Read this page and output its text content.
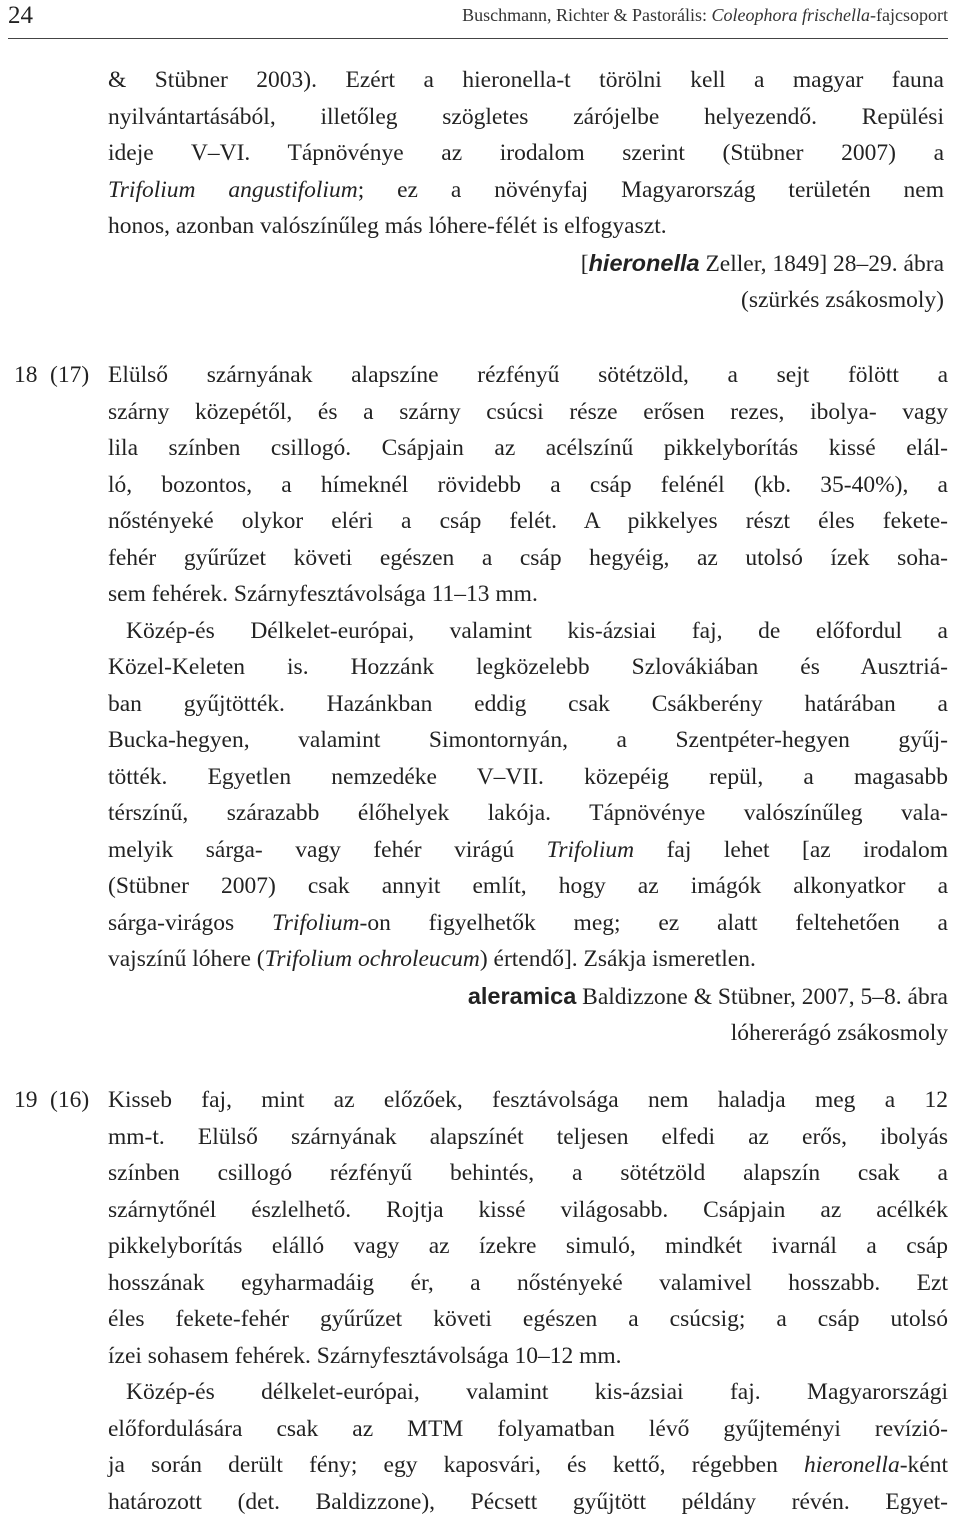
24	Buschmann, Richter & Pastorális: Coleophora frischella-fajcsoport
& Stübner 2003). Ezért a hieronella-t törölni kell a magyar fauna
nyilvántartásából, illetőleg szögletes zárójelbe helyezendő. Repülési
ideje V–VI. Tápnövénye az irodalom szerint (Stübner 2007) a
Trifolium angustifolium; ez a növényfaj Magyarország területén nem
honos, azonban valószínűleg más lóhere-félét is elfogyaszt.
[hieronella Zeller, 1849] 28–29. ábra
(szürkés zsákosmoly)
18 (17) Elülső szárnyának alapszíne rézfényű sötétzöld, a sejt fölött a
szárny közepétől, és a szárny csúcsi része erősen rezes, ibolya- vagy
lila színben csillogó. Csápjain az acélszínű pikkelyborítás kissé elál-
ló, bozontos, a hímeknél rövidebb a csáp felénél (kb. 35-40%), a
nőstényeké olykor eléri a csáp felét. A pikkelyes részt éles fekete-
fehér gyűrűzet követi egészen a csáp hegyéig, az utolsó ízek soha-
sem fehérek. Szárnyfesztávolsága 11–13 mm.
Közép-és Délkelet-európai, valamint kis-ázsiai faj, de előfordul a
Közel-Keleten is. Hozzánk legközelebb Szlovákiában és Ausztriá-
ban gyűjtötték. Hazánkban eddig csak Csákberény határában a
Bucka-hegyen, valamint Simontornyán, a Szentpéter-hegyen gyűj-
tötték. Egyetlen nemzedéke V–VII. közepéig repül, a magasabb
térszínű, szárazabb élőhelyek lakója. Tápnövénye valószínűleg vala-
melyik sárga- vagy fehér virágú Trifolium faj lehet [az irodalom
(Stübner 2007) csak annyit említ, hogy az imágók alkonyatkor a
sárga-virágos Trifolium-on figyelhetők meg; ez alatt feltehetően a
vajszínű lóhere (Trifolium ochroleucum) értendő]. Zsákja ismeretlen.
aleramica Baldizzone & Stübner, 2007, 5–8. ábra
lóhererágó zsákosmoly
19 (16) Kisseb faj, mint az előzőek, fesztávolsága nem haladja meg a 12
mm-t. Elülső szárnyának alapszínét teljesen elfedi az erős, ibolyás
színben csillogó rézfényű behintés, a sötétzöld alapszín csak a
szárnytőnél észlelhető. Rojtja kissé világosabb. Csápjain az acélkék
pikkelyborítás elálló vagy az ízekre simuló, mindkét ivarnál a csáp
hosszának egyharmadáig ér, a nőstényeké valamivel hosszabb. Ezt
éles fekete-fehér gyűrűzet követi egészen a csúcsig; a csáp utolsó
ízei sohasem fehérek. Szárnyfesztávolsága 10–12 mm.
Közép-és délkelet-európai, valamint kis-ázsiai faj. Magyarországi
előfordulására csak az MTM folyamatban lévő gyűjteményi revízió-
ja során derült fény; egy kaposvári, és kettő, régebben hieronella-ként
határozott (det. Baldizzone), Pécsett gyűjtött példány révén. Egyet-
